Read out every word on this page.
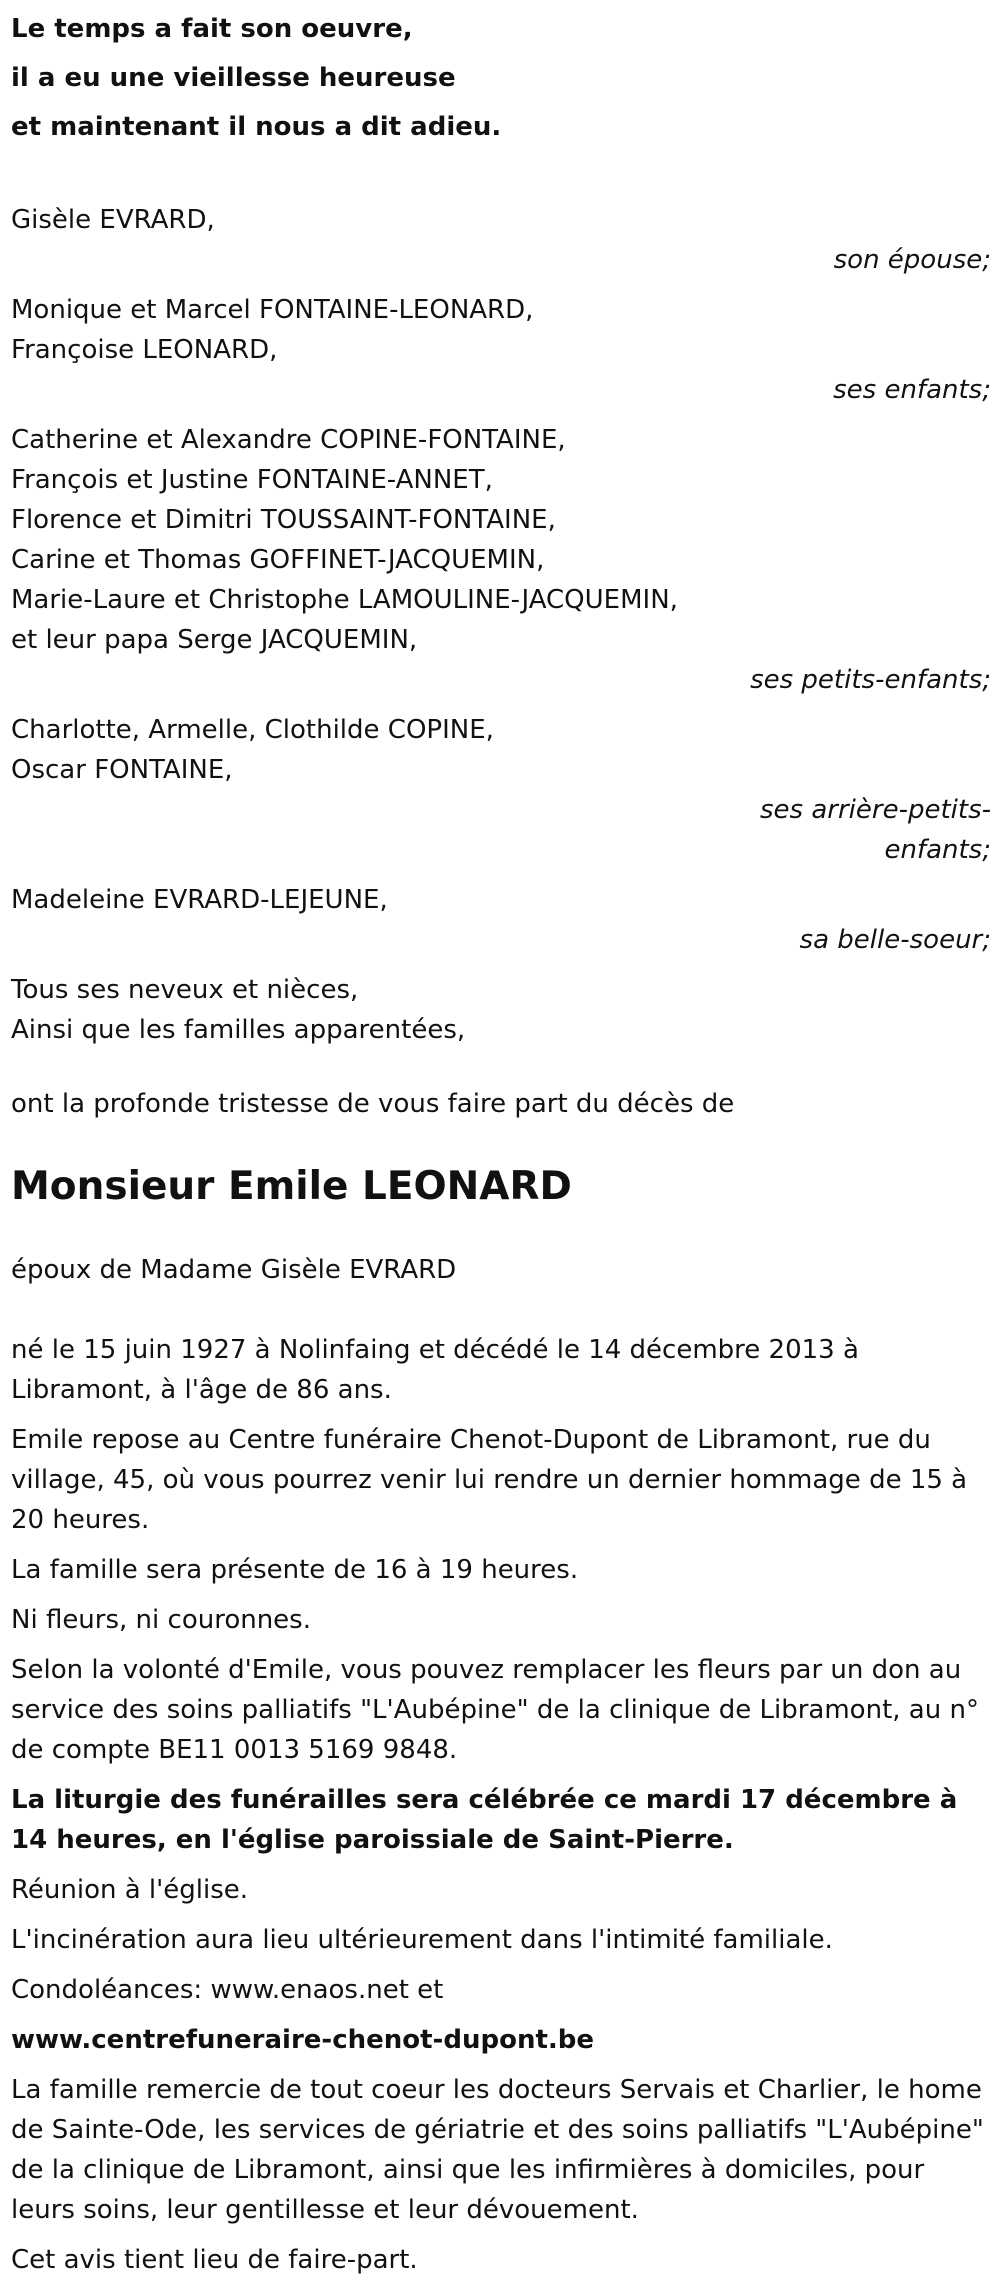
Le temps a fait son oeuvre,
il a eu une vieillesse heureuse
et maintenant il nous a dit adieu.
Gisèle EVRARD,
son épouse;
Monique et Marcel FONTAINE-LEONARD,
Françoise LEONARD,
ses enfants;
Catherine et Alexandre COPINE-FONTAINE,
François et Justine FONTAINE-ANNET,
Florence et Dimitri TOUSSAINT-FONTAINE,
Carine et Thomas GOFFINET-JACQUEMIN,
Marie-Laure et Christophe LAMOULINE-JACQUEMIN,
et leur papa Serge JACQUEMIN,
ses petits-enfants;
Charlotte, Armelle, Clothilde COPINE,
Oscar FONTAINE,
ses arrière-petits-enfants;
Madeleine EVRARD-LEJEUNE,
sa belle-soeur;
Tous ses neveux et nièces,
Ainsi que les familles apparentées,
ont la profonde tristesse de vous faire part du décès de
Monsieur Emile LEONARD
époux de Madame Gisèle EVRARD
né le 15 juin 1927 à Nolinfaing et décédé le 14 décembre 2013 à Libramont, à l'âge de 86 ans.
Emile repose au Centre funéraire Chenot-Dupont de Libramont, rue du village, 45, où vous pourrez venir lui rendre un dernier hommage de 15 à 20 heures.
La famille sera présente de 16 à 19 heures.
Ni fleurs, ni couronnes.
Selon la volonté d'Emile, vous pouvez remplacer les fleurs par un don au service des soins palliatifs "L'Aubépine" de la clinique de Libramont, au n° de compte BE11 0013 5169 9848.
La liturgie des funérailles sera célébrée ce mardi 17 décembre à 14 heures, en l'église paroissiale de Saint-Pierre.
Réunion à l'église.
L'incinération aura lieu ultérieurement dans l'intimité familiale.
Condoléances: www.enaos.net et
www.centrefuneraire-chenot-dupont.be
La famille remercie de tout coeur les docteurs Servais et Charlier, le home de Sainte-Ode, les services de gériatrie et des soins palliatifs "L'Aubépine" de la clinique de Libramont, ainsi que les infirmières à domiciles, pour leurs soins, leur gentillesse et leur dévouement.
Cet avis tient lieu de faire-part.
